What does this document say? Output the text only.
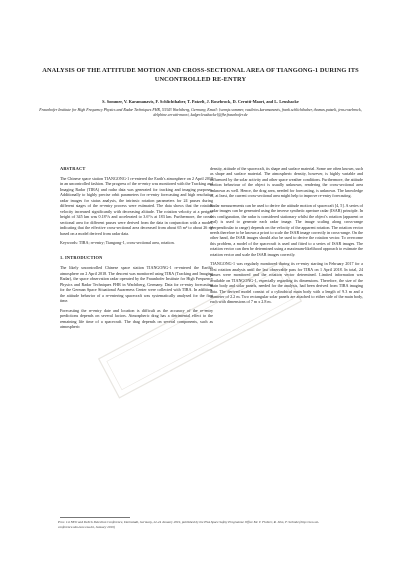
ANALYSIS OF THE ATTITUDE MOTION AND CROSS-SECTIONAL AREA OF TIANGONG-1 DURING ITS UNCONTROLLED RE-ENTRY
S. Sommer, V. Karamanavis, F. Schlichthaber, T. Patzelt, J. Rosebrock, D. Cerutti-Maori, and L. Leushacke
Fraunhofer Institute for High Frequency Physics and Radar Techniques FHR, 53343 Wachtberg, Germany, Email: {svenja.sommer, vasileios.karamanavis, frank.schlichthaber, thomas.patzelt, jens.rosebrock, delphine.cerutti-maori, ludger.leushacke}@fhr.fraunhofer.de
ABSTRACT
The Chinese space station TIANGONG-1 re-entered the Earth's atmosphere on 2 April 2018 in an uncontrolled fashion. The progress of the re-entry was monitored with the Tracking and Imaging Radar (TIRA) and radar data was generated for tracking and imaging purposes. Additionally to highly precise orbit parameters for re-entry forecasting and high resolution radar images for status analysis, the intrinsic rotation parameters for 24 passes during different stages of the re-entry process were estimated. The data shows that the rotation velocity increased significantly with decreasing altitude. The rotation velocity at a perigee height of 345 km was 0.18°/s and accelerated to 3.6°/s at 183 km. Furthermore, the cross-sectional area for different passes were derived from the data in conjunction with a model, indicating that the effective cross-sectional area decreased from about 65 m² to about 26 m² based on a model derived from radar data.
Keywords: TIRA; re-entry; Tiangong-1, cross-sectional area, rotation.
1. INTRODUCTION
The likely uncontrolled Chinese space station TIANGONG-1 re-entered the Earth's atmosphere on 2 April 2018. The descent was monitored using TIRA (Tracking and Imaging Radar), the space observation radar operated by the Fraunhofer Institute for High Frequency Physics and Radar Techniques FHR in Wachtberg, Germany. Data for re-entry forecasting for the German Space Situational Awareness Center were collected with TIRA. In addition, the attitude behavior of a re-entering spacecraft was systematically analysed for the first time.
Forecasting the re-entry date and location is difficult as the accuracy of the re-entry predictions depends on several factors. Atmospheric drag has a detrimental effect to the remaining life time of a spacecraft. The drag depends on several components, such as atmospheric
density, attitude of the spacecraft, its shape and surface material. Some are often known, such as shape and surface material. The atmospheric density, however, is highly variable and influenced by the solar activity and other space weather conditions. Furthermore, the attitude motion behaviour of the object is usually unknown, rendering the cross-sectional area unknown as well. Hence, the drag area, needed for forecasting, is unknown. The knowledge of, at least, the current cross-sectional area might help to improve re-entry forecasting.
Radar measurements can be used to derive the attitude motion of spacecraft [4, 5]. A series of radar images can be generated using the inverse synthetic aperture radar (ISAR) principle. In this configuration, the radar is considered stationary whilst the object's rotation (apparent or real) is used to generate each radar image. The image scaling along cross-range (perpendicular to range) depends on the velocity of the apparent rotation. The rotation vector needs therefore to be known a priori to scale the ISAR image correctly in cross-range. On the other hand, the ISAR images should also be used to derive the rotation vector. To overcome this problem, a model of the spacecraft is used and fitted to a series of ISAR images. The rotation vector can then be determined using a maximum-likelihood approach to estimate the rotation vector and scale the ISAR images correctly.
TIANGONG-1 was regularly monitored during its re-entry starting in February 2017 for a first rotation analysis until the last observable pass for TIRA on 1 April 2018. In total, 24 passes were monitored and the rotation vector determined. Limited information was available on TIANGONG-1, especially regarding its dimensions. Therefore, the size of the main body and solar panels, needed for the analysis, had been derived from TIRA imaging data. The derived model consist of a cylindrical main body with a length of 9.3 m and a diameter of 2.2 m. Two rectangular solar panels are attached to either side of the main body, each with dimensions of 7 m x 2.8 m.
Proc. 1st NEO and Debris Detection Conference, Darmstadt, Germany, 22-24 January 2019, published by the ESA Space Safety Programme Office Ed. T. Flohrer, R. Jehn, F. Schmitz (http://neo-sst-conference.sdo.esoc.esa.int, January 2019)
